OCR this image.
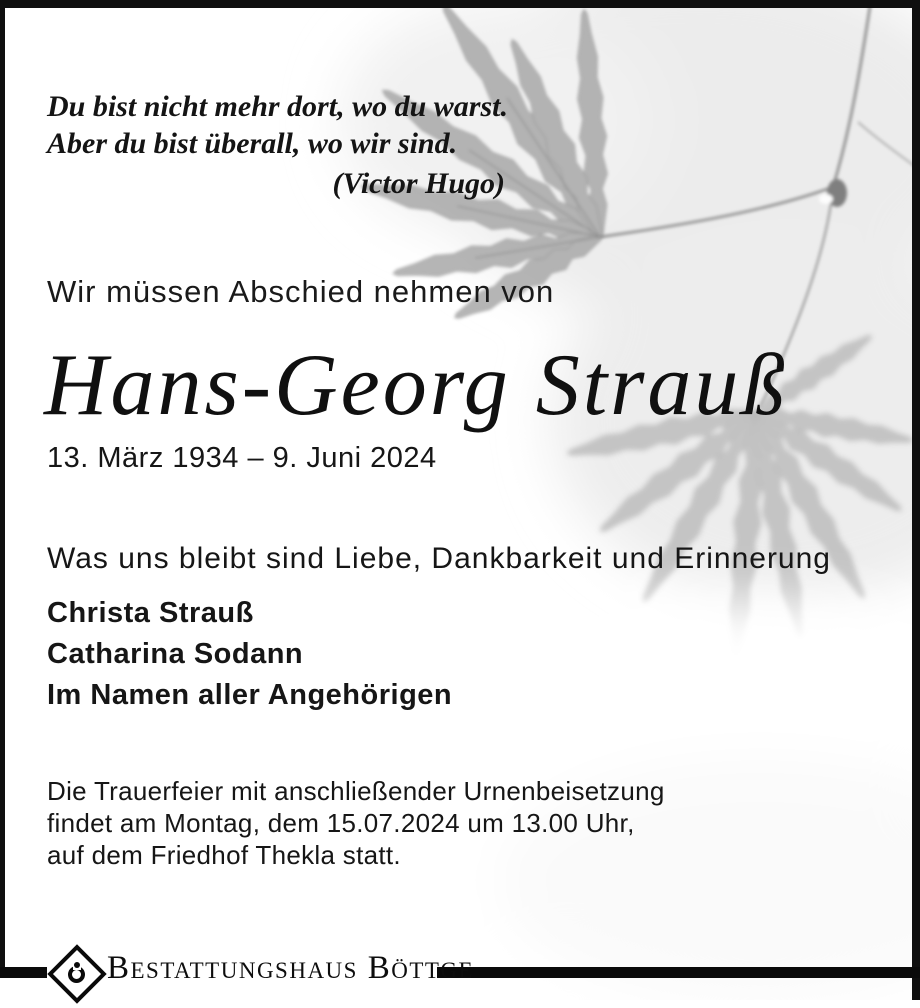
Du bist nicht mehr dort, wo du warst.
Aber du bist überall, wo wir sind.
(Victor Hugo)
Wir müssen Abschied nehmen von
Hans-Georg Strauß
13. März 1934 – 9. Juni 2024
Was uns bleibt sind Liebe, Dankbarkeit und Erinnerung
Christa Strauß
Catharina Sodann
Im Namen aller Angehörigen
Die Trauerfeier mit anschließender Urnenbeisetzung
findet am Montag, dem 15.07.2024 um 13.00 Uhr,
auf dem Friedhof Thekla statt.
Bestattungshaus Böttge
